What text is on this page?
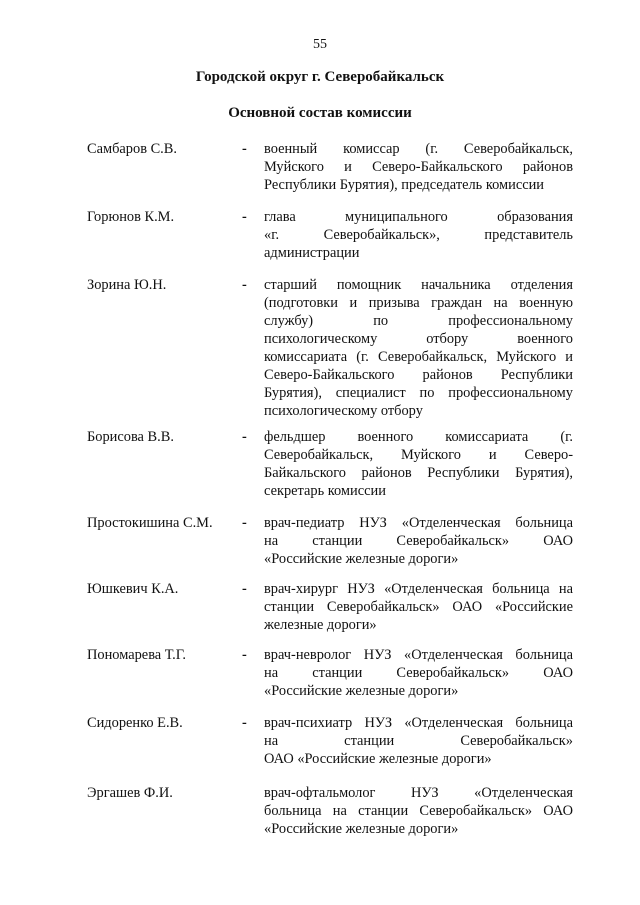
55
Городской округ г. Северобайкальск
Основной состав комиссии
Самбаров С.В.	- военный комиссар (г. Северобайкальск,
Муйского и Северо-Байкальского районов
Республики Бурятия), председатель комиссии
Горюнов К.М.	- глава муниципального образования
«г. Северобайкальск», представитель
администрации
Зорина Ю.Н.	- старший помощник начальника отделения
(подготовки и призыва граждан на военную
службу) по профессиональному
психологическому отбору военного
комиссариата (г. Северобайкальск, Муйского и
Северо-Байкальского районов Республики
Бурятия), специалист по профессиональному
психологическому отбору
Борисова В.В.	- фельдшер военного комиссариата (г.
Северобайкальск, Муйского и Северо-
Байкальского районов Республики Бурятия),
секретарь комиссии
Простокишина С.М. - врач-педиатр НУЗ «Отделенческая больница
на станции Северобайкальск» ОАО
«Российские железные дороги»
Юшкевич К.А.	- врач-хирург НУЗ «Отделенческая больница на
станции Северобайкальск» ОАО «Российские
железные дороги»
Пономарева Т.Г.	- врач-невролог НУЗ «Отделенческая больница
на станции Северобайкальск» ОАО
«Российские железные дороги»
Сидоренко Е.В.	- врач-психиатр НУЗ «Отделенческая больница
на станции Северобайкальск»
ОАО «Российские железные дороги»
Эргашев Ф.И.	врач-офтальмолог НУЗ «Отделенческая
больница на станции Северобайкальск» ОАО
«Российские железные дороги»
